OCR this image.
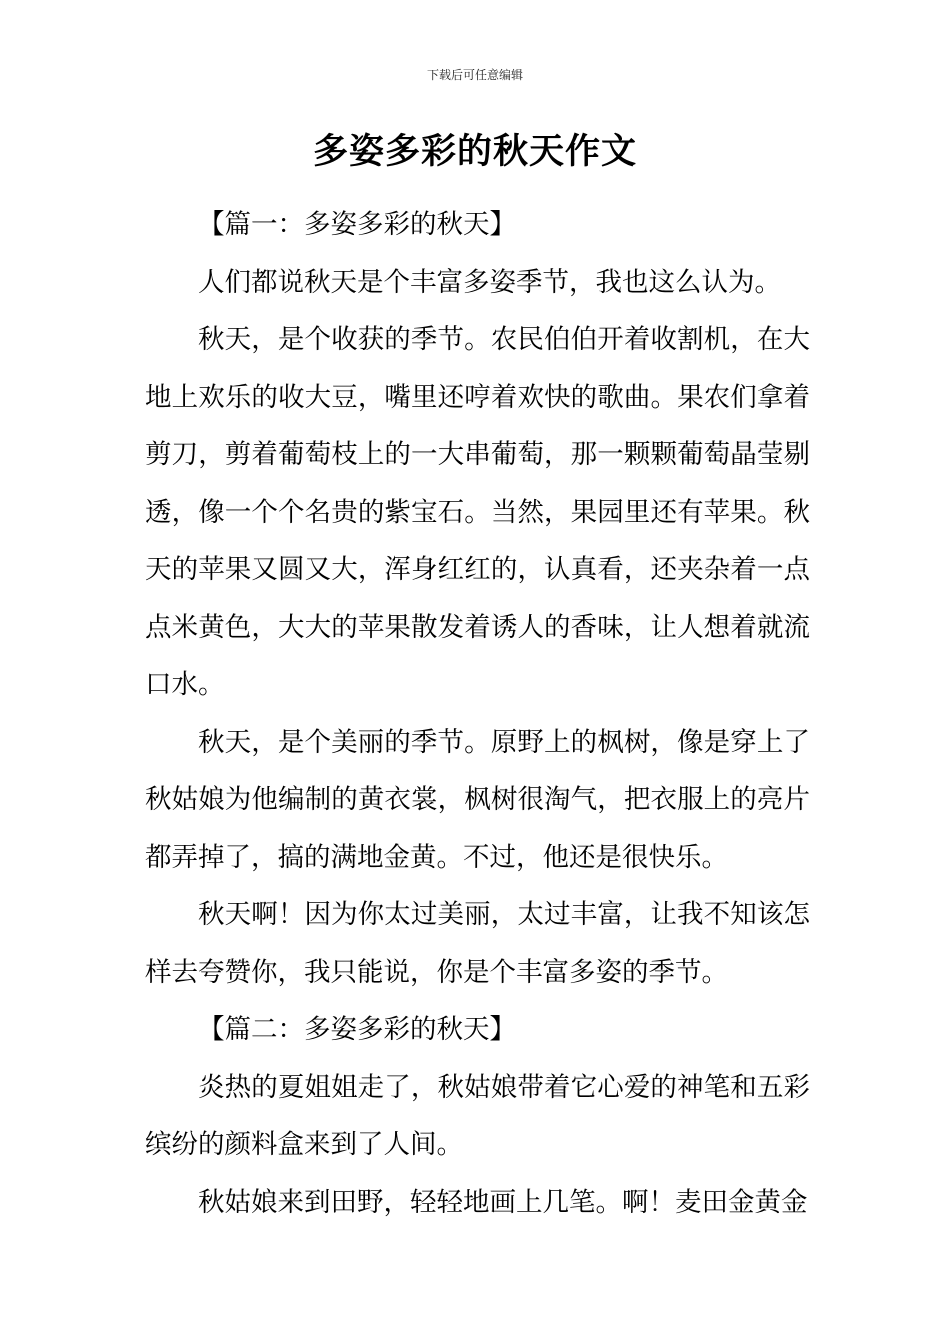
下载后可任意编辑
多姿多彩的秋天作文

【篇一：多姿多彩的秋天】

人们都说秋天是个丰富多姿季节，我也这么认为。

秋天，是个收获的季节。农民伯伯开着收割机，在大地上欢乐的收大豆，嘴里还哼着欢快的歌曲。果农们拿着剪刀，剪着葡萄枝上的一大串葡萄，那一颗颗葡萄晶莹剔透，像一个个名贵的紫宝石。当然，果园里还有苹果。秋天的苹果又圆又大，浑身红红的，认真看，还夹杂着一点点米黄色，大大的苹果散发着诱人的香味，让人想着就流口水。

秋天，是个美丽的季节。原野上的枫树，像是穿上了秋姑娘为他编制的黄衣裳，枫树很淘气，把衣服上的亮片都弄掉了，搞的满地金黄。不过，他还是很快乐。

秋天啊！因为你太过美丽，太过丰富，让我不知该怎样去夸赞你，我只能说，你是个丰富多姿的季节。

【篇二：多姿多彩的秋天】

炎热的夏姐姐走了，秋姑娘带着它心爱的神笔和五彩缤纷的颜料盒来到了人间。

秋姑娘来到田野，轻轻地画上几笔。啊！麦田金黄金
